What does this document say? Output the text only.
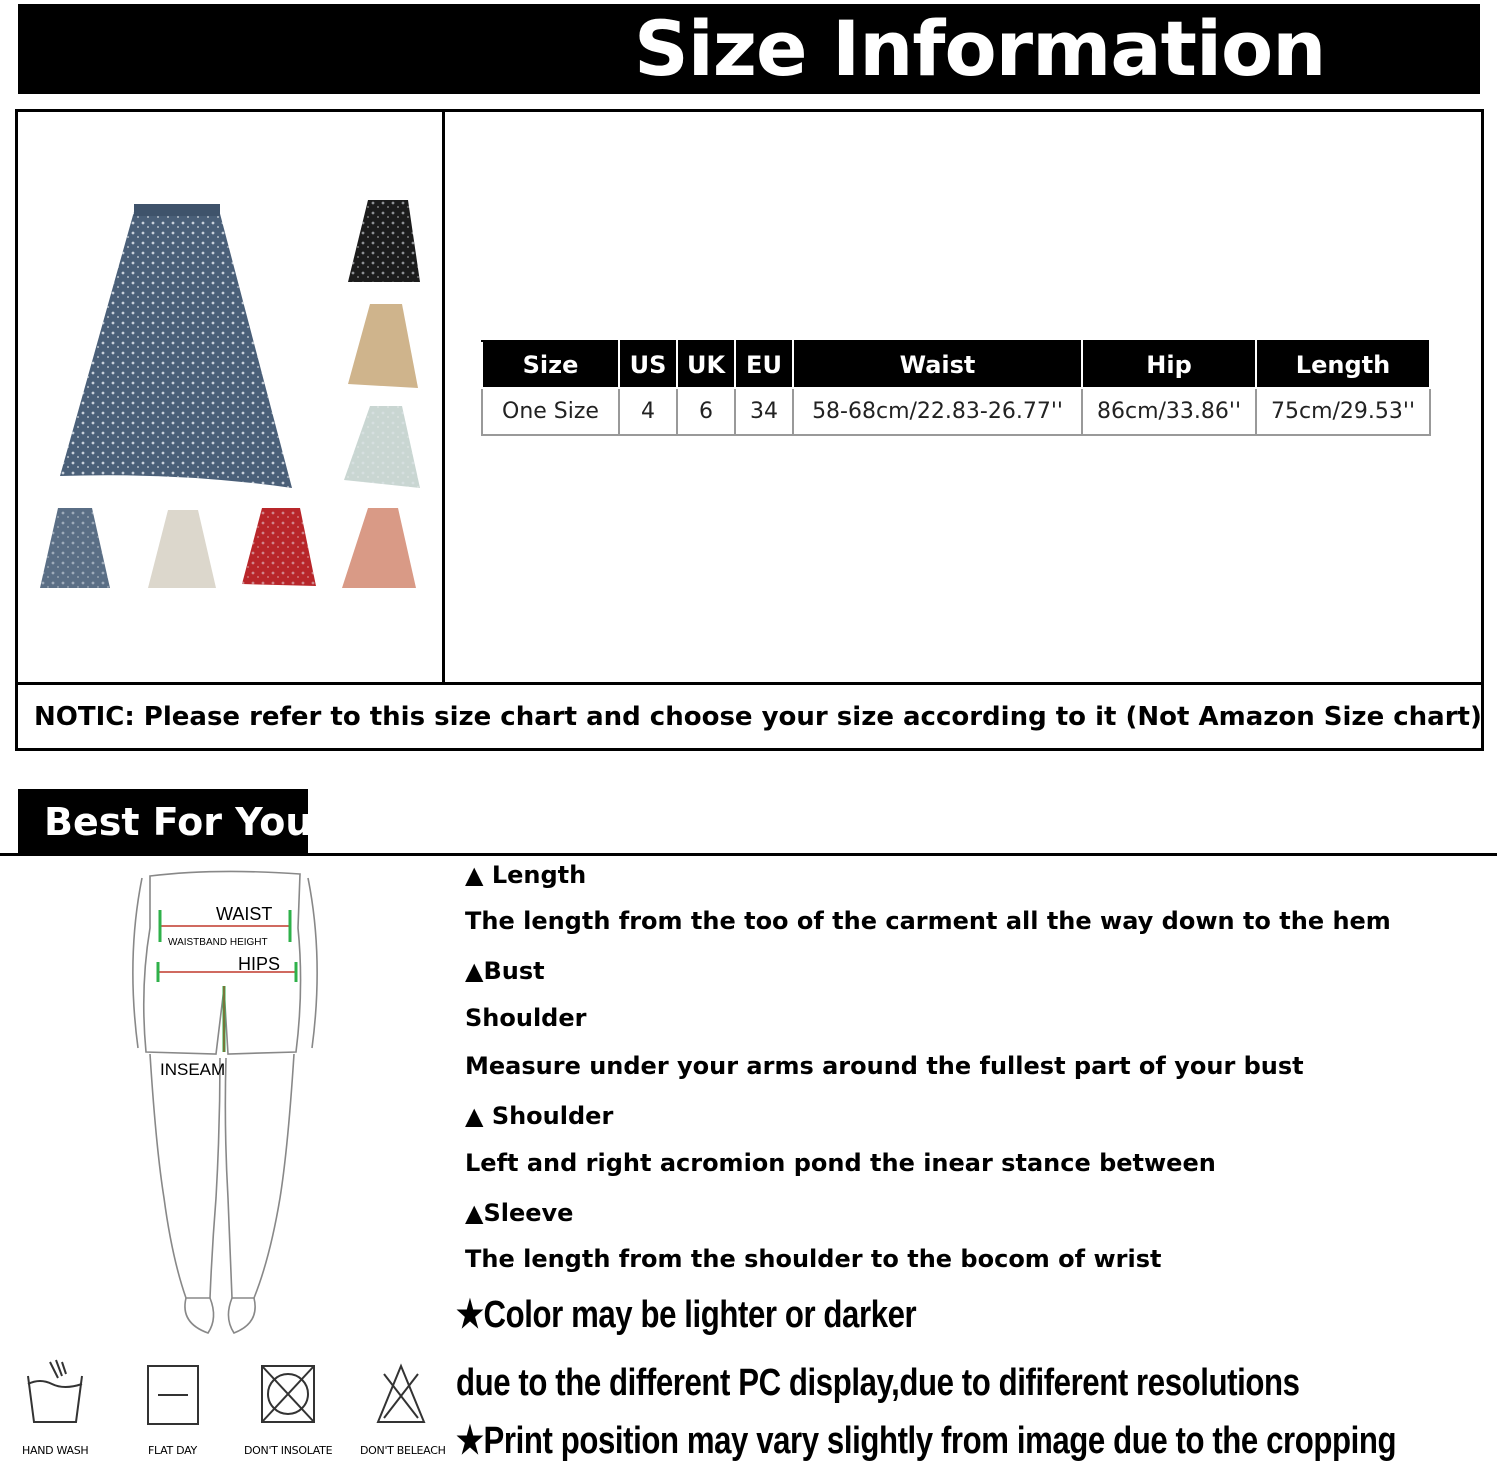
Size Information
Size	US	UK	EU	Waist	Hip	Length
One Size	4	6	34	58-68cm/22.83-26.77''	86cm/33.86''	75cm/29.53''
NOTIC: Please refer to this size chart and choose your size according to it (Not Amazon Size chart)
Best For You
WAIST
WAISTBAND HEIGHT
HIPS
INSEAM
▲ Length
The length from the too of the carment all the way down to the hem
▲Bust
Shoulder
Measure under your arms around the fullest part of your bust
▲ Shoulder
Left and right acromion pond the inear stance between
▲Sleeve
The length from the shoulder to the bocom of wrist
★Color may be lighter or darker
due to the different PC display,due to dififerent resolutions
★Print position may vary slightly from image due to the cropping
HAND WASH	FLAT DAY	DON'T INSOLATE	DON'T BELEACH
